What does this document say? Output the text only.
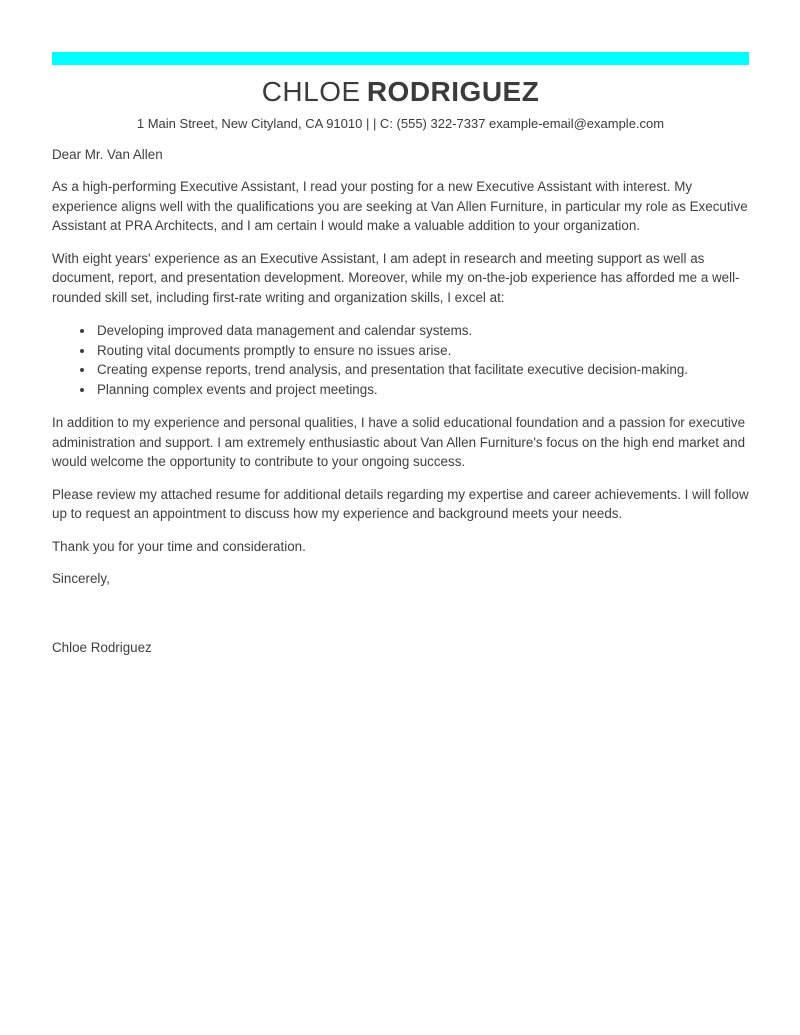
CHLOE RODRIGUEZ
1 Main Street, New Cityland, CA 91010 | | C: (555) 322-7337 example-email@example.com
Dear Mr. Van Allen

As a high-performing Executive Assistant, I read your posting for a new Executive Assistant with interest. My experience aligns well with the qualifications you are seeking at Van Allen Furniture, in particular my role as Executive Assistant at PRA Architects, and I am certain I would make a valuable addition to your organization.

With eight years' experience as an Executive Assistant, I am adept in research and meeting support as well as document, report, and presentation development. Moreover, while my on-the-job experience has afforded me a well-rounded skill set, including first-rate writing and organization skills, I excel at:

• Developing improved data management and calendar systems.
• Routing vital documents promptly to ensure no issues arise.
• Creating expense reports, trend analysis, and presentation that facilitate executive decision-making.
• Planning complex events and project meetings.

In addition to my experience and personal qualities, I have a solid educational foundation and a passion for executive administration and support. I am extremely enthusiastic about Van Allen Furniture's focus on the high end market and would welcome the opportunity to contribute to your ongoing success.

Please review my attached resume for additional details regarding my expertise and career achievements. I will follow up to request an appointment to discuss how my experience and background meets your needs.

Thank you for your time and consideration.

Sincerely,

Chloe Rodriguez
